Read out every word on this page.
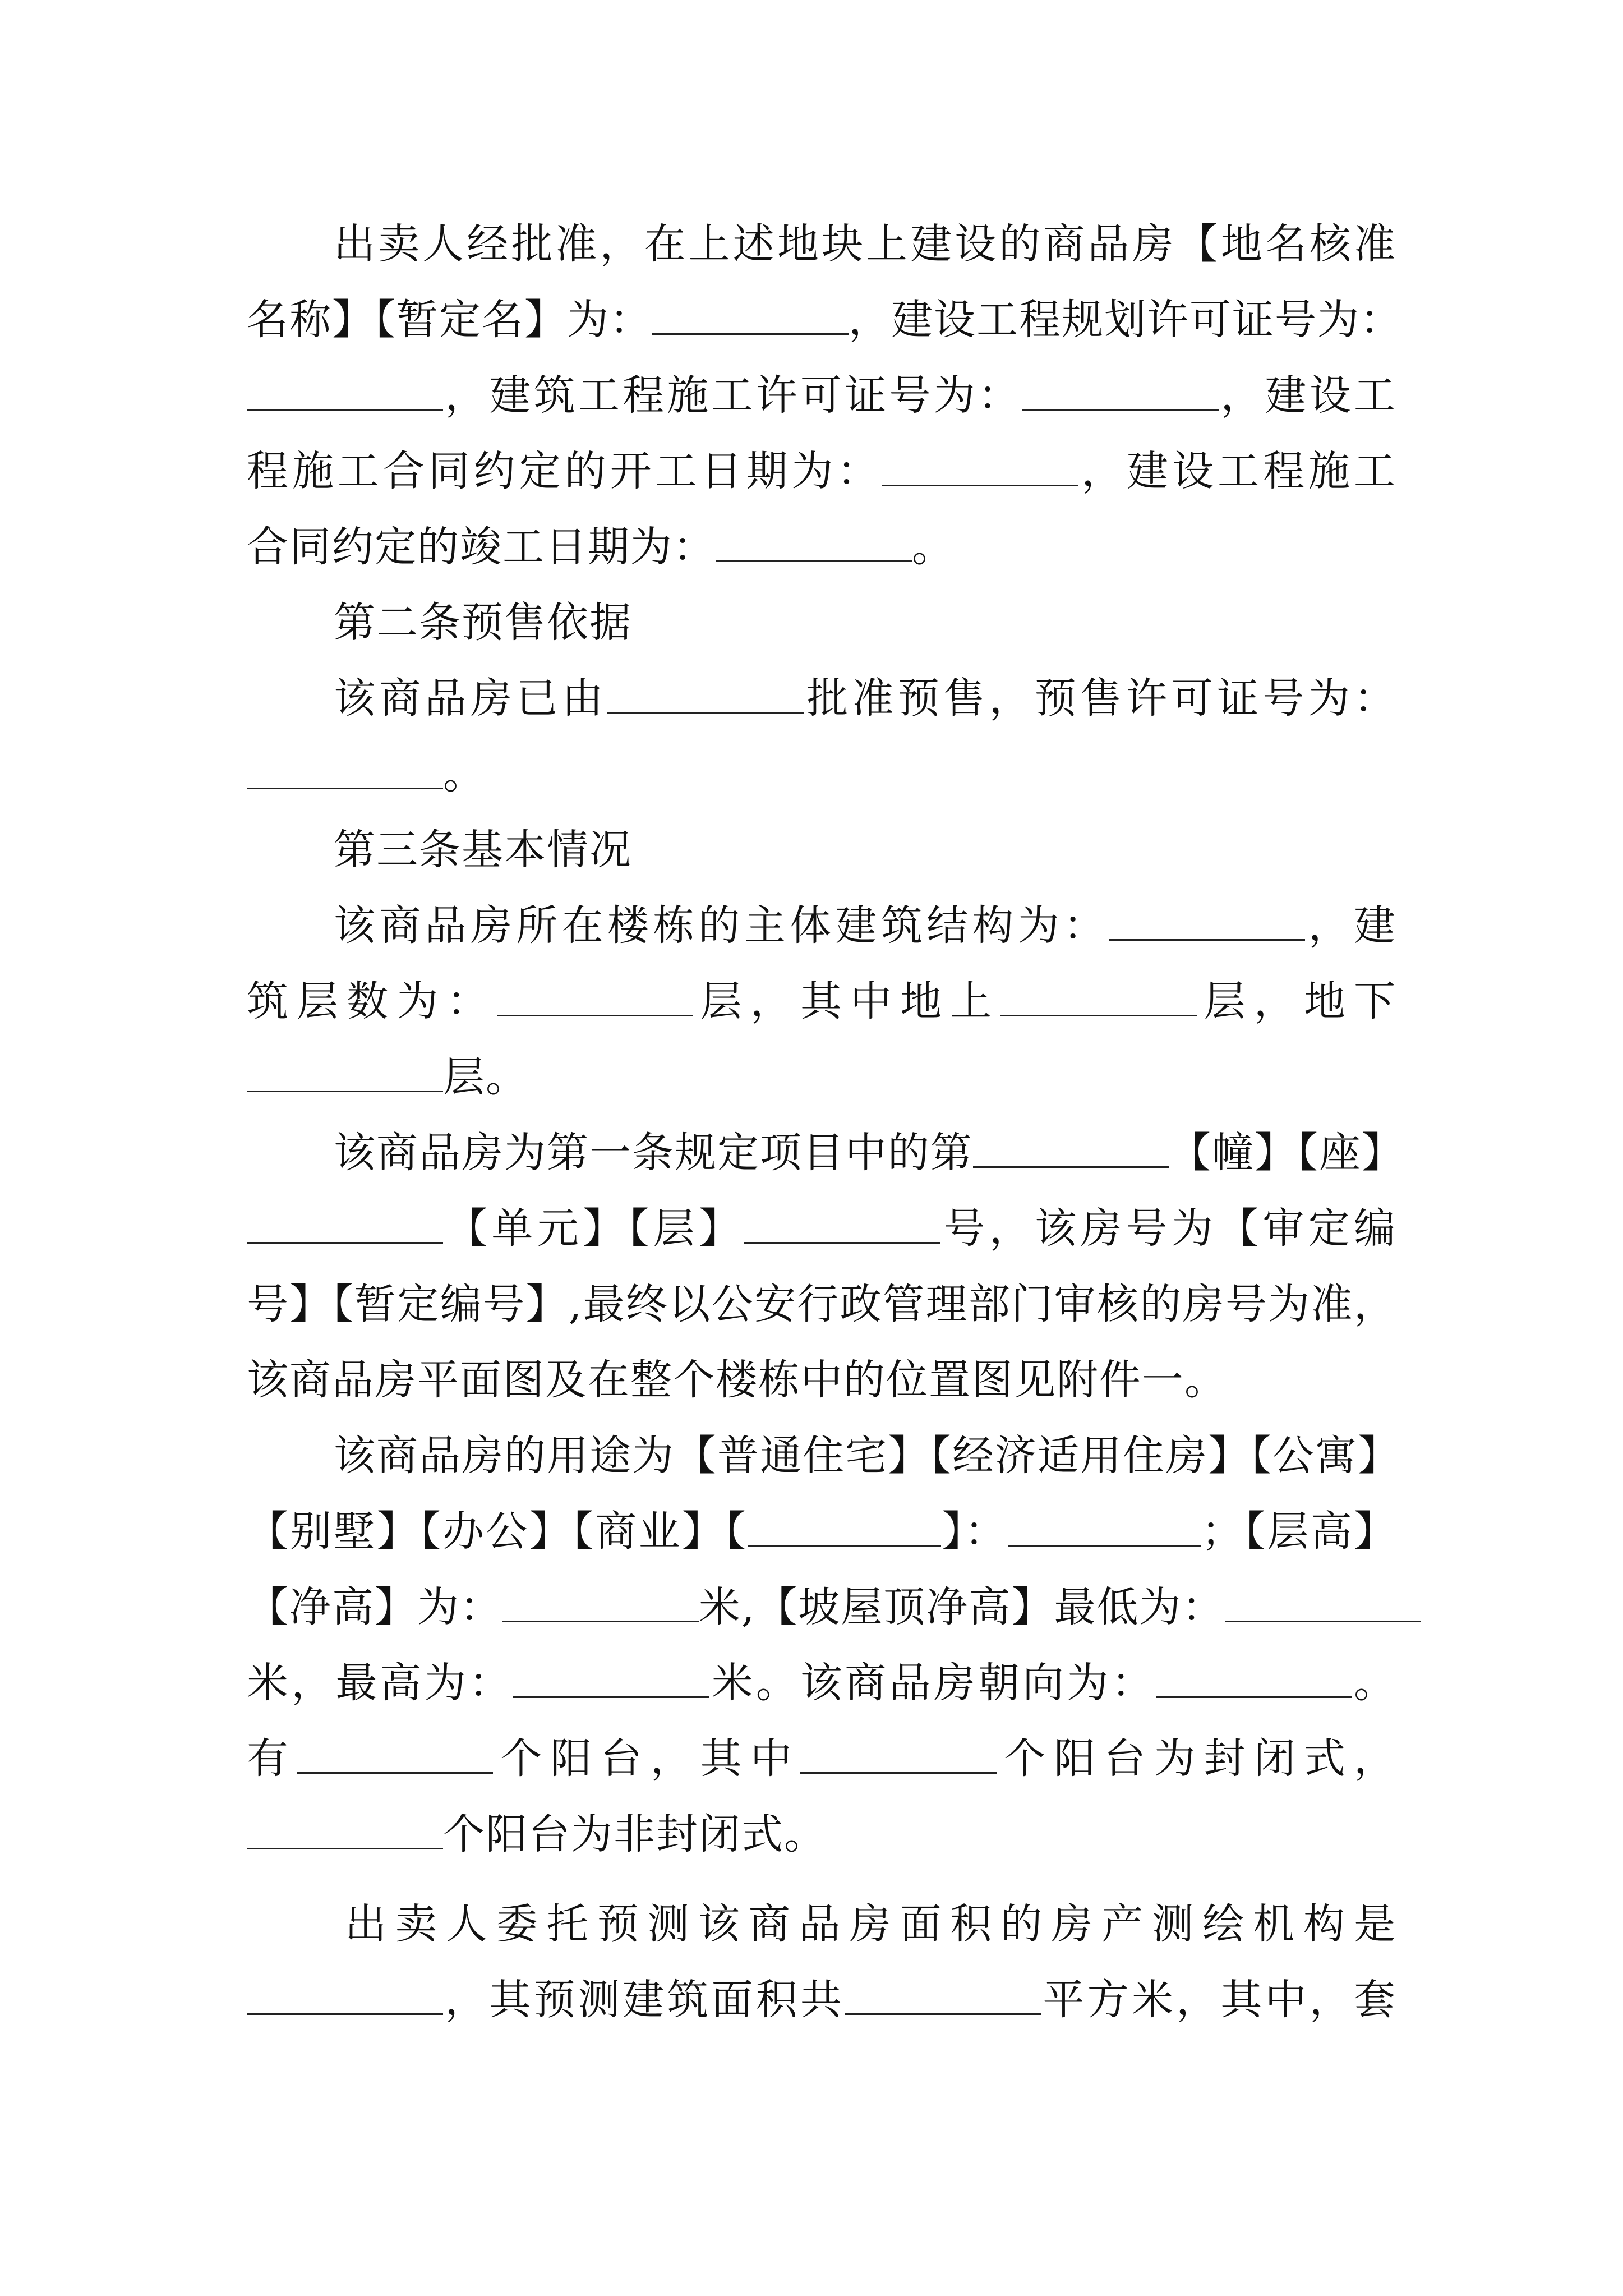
出卖人经批准，在上述地块上建设的商品房【地名核准
名称】【暂定名】为：	，建设工程规划许可证号为：
，建筑工程施工许可证号为：	，建设工
程施工合同约定的开工日期为：	，建设工程施工
合同约定的竣工日期为：	。
第二条预售依据
该商品房已由	批准预售，预售许可证号为：
。
第三条基本情况
该商品房所在楼栋的主体建筑结构为：	，建
筑层数为：	层，其中地上	层，地下
层。
该商品房为第一条规定项目中的第	【幢】【座】
【单元】【层】	号，该房号为【审定编
号】【暂定编号】,最终以公安行政管理部门审核的房号为准，
该商品房平面图及在整个楼栋中的位置图见附件一。
该商品房的用途为【普通住宅】【经济适用住房】【公寓】
【别墅】【办公】【商业】【	】：	；【层高】
【净高】为：	米,【坡屋顶净高】最低为：
米，最高为：	米。该商品房朝向为：	。
有	个阳台，其中	个阳台为封闭式，
个阳台为非封闭式。
出卖人委托预测该商品房面积的房产测绘机构是
，其预测建筑面积共	平方米，其中，套
